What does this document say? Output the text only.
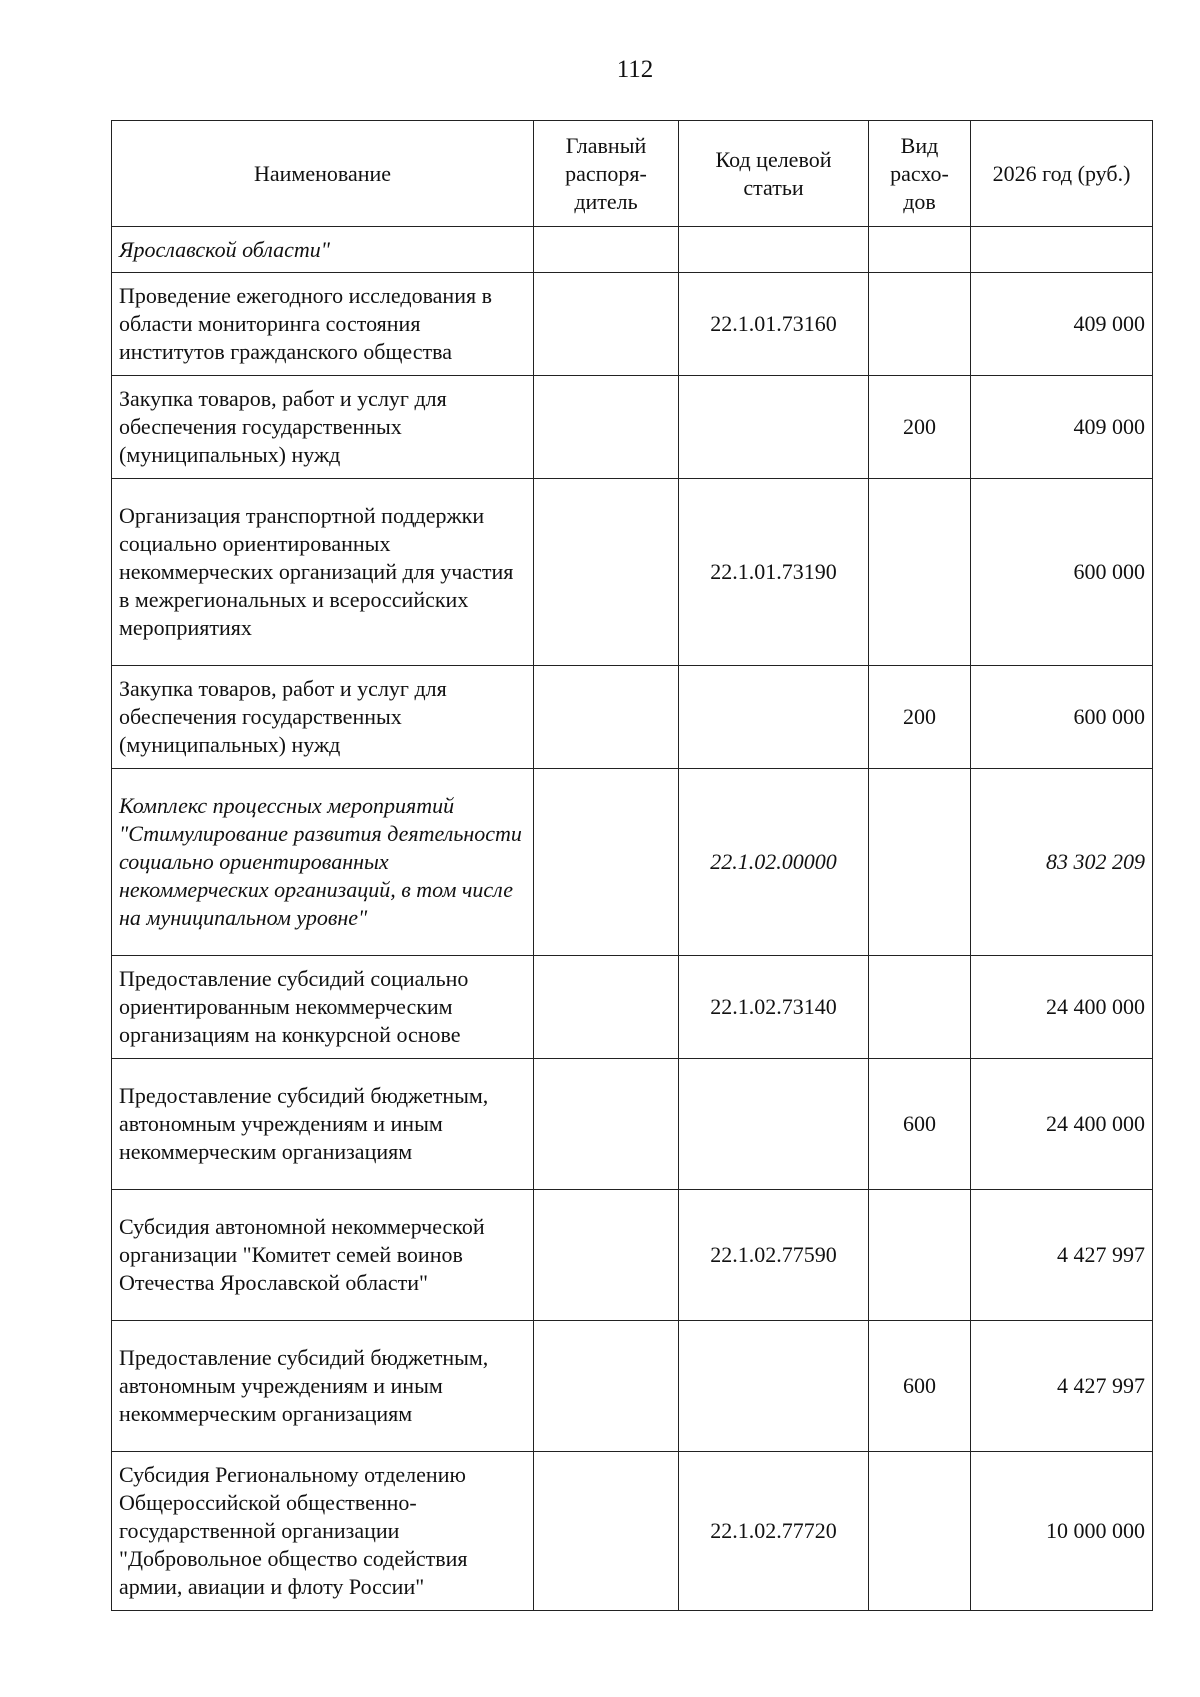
112
Наименование	Главный распоря- дитель	Код целевой статьи	Вид расхо- дов	2026 год (руб.)
Ярославской области"				
Проведение ежегодного исследования в области мониторинга состояния институтов гражданского общества		22.1.01.73160		409 000
Закупка товаров, работ и услуг для обеспечения государственных (муниципальных) нужд			200	409 000
Организация транспортной поддержки социально ориентированных некоммерческих организаций для участия в межрегиональных и всероссийских мероприятиях		22.1.01.73190		600 000
Закупка товаров, работ и услуг для обеспечения государственных (муниципальных) нужд			200	600 000
Комплекс процессных мероприятий "Стимулирование развития деятельности социально ориентированных некоммерческих организаций, в том числе на муниципальном уровне"		22.1.02.00000		83 302 209
Предоставление субсидий социально ориентированным некоммерческим организациям на конкурсной основе		22.1.02.73140		24 400 000
Предоставление субсидий бюджетным, автономным учреждениям и иным некоммерческим организациям			600	24 400 000
Субсидия автономной некоммерческой организации "Комитет семей воинов Отечества Ярославской области"		22.1.02.77590		4 427 997
Предоставление субсидий бюджетным, автономным учреждениям и иным некоммерческим организациям			600	4 427 997
Субсидия Региональному отделению Общероссийской общественно-государственной организации "Добровольное общество содействия армии, авиации и флоту России"		22.1.02.77720		10 000 000
